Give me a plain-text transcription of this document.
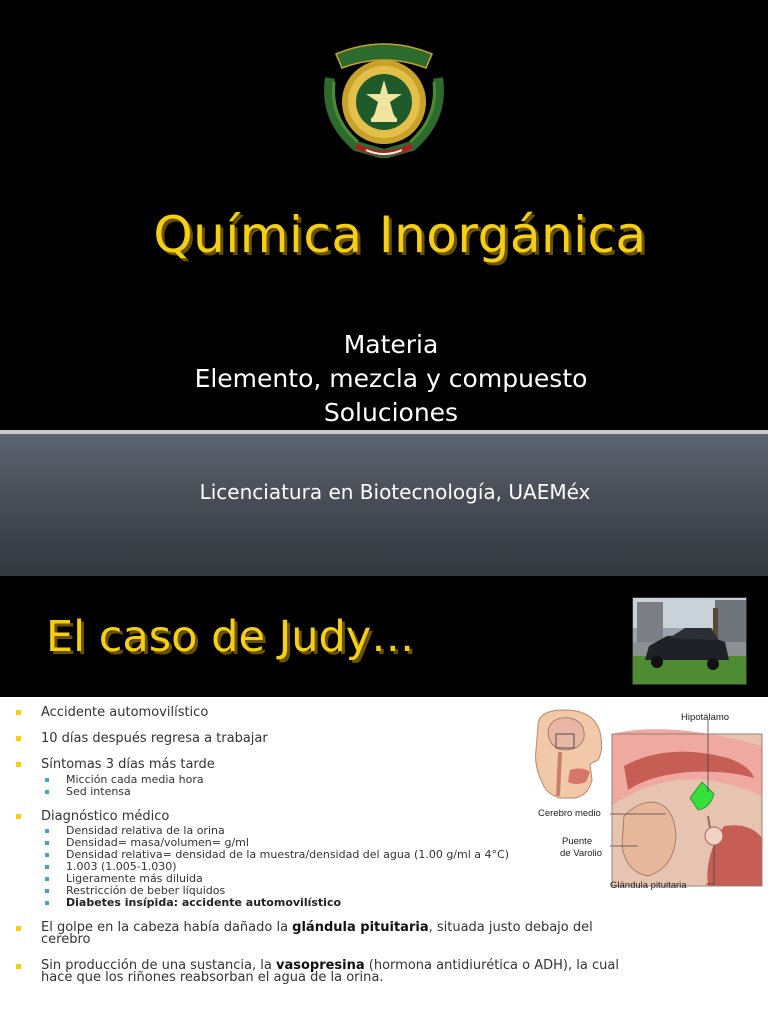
Química Inorgánica
Materia
Elemento, mezcla y compuesto
Soluciones
Licenciatura en Biotecnología, UAEMéx
El caso de Judy…
Accidente automovilístico
10 días después regresa a trabajar
Síntomas 3 días más tarde
Micción cada media hora
Sed intensa
Diagnóstico médico
Densidad relativa de la orina
Densidad= masa/volumen= g/ml
Densidad relativa= densidad de la muestra/densidad del agua (1.00 g/ml a 4°C)
1.003 (1.005-1.030)
Ligeramente más diluida
Restricción de beber líquidos
Diabetes insípida: accidente automovilístico
El golpe en la cabeza había dañado la glándula pituitaria, situada justo debajo del cerebro
Sin producción de una sustancia, la vasopresina (hormona antidiurética o ADH), la cual hace que los riñones reabsorban el agua de la orina.
Hipotálamo
Cerebro medio
Puente
de Varolio
Glándula pituitaria
